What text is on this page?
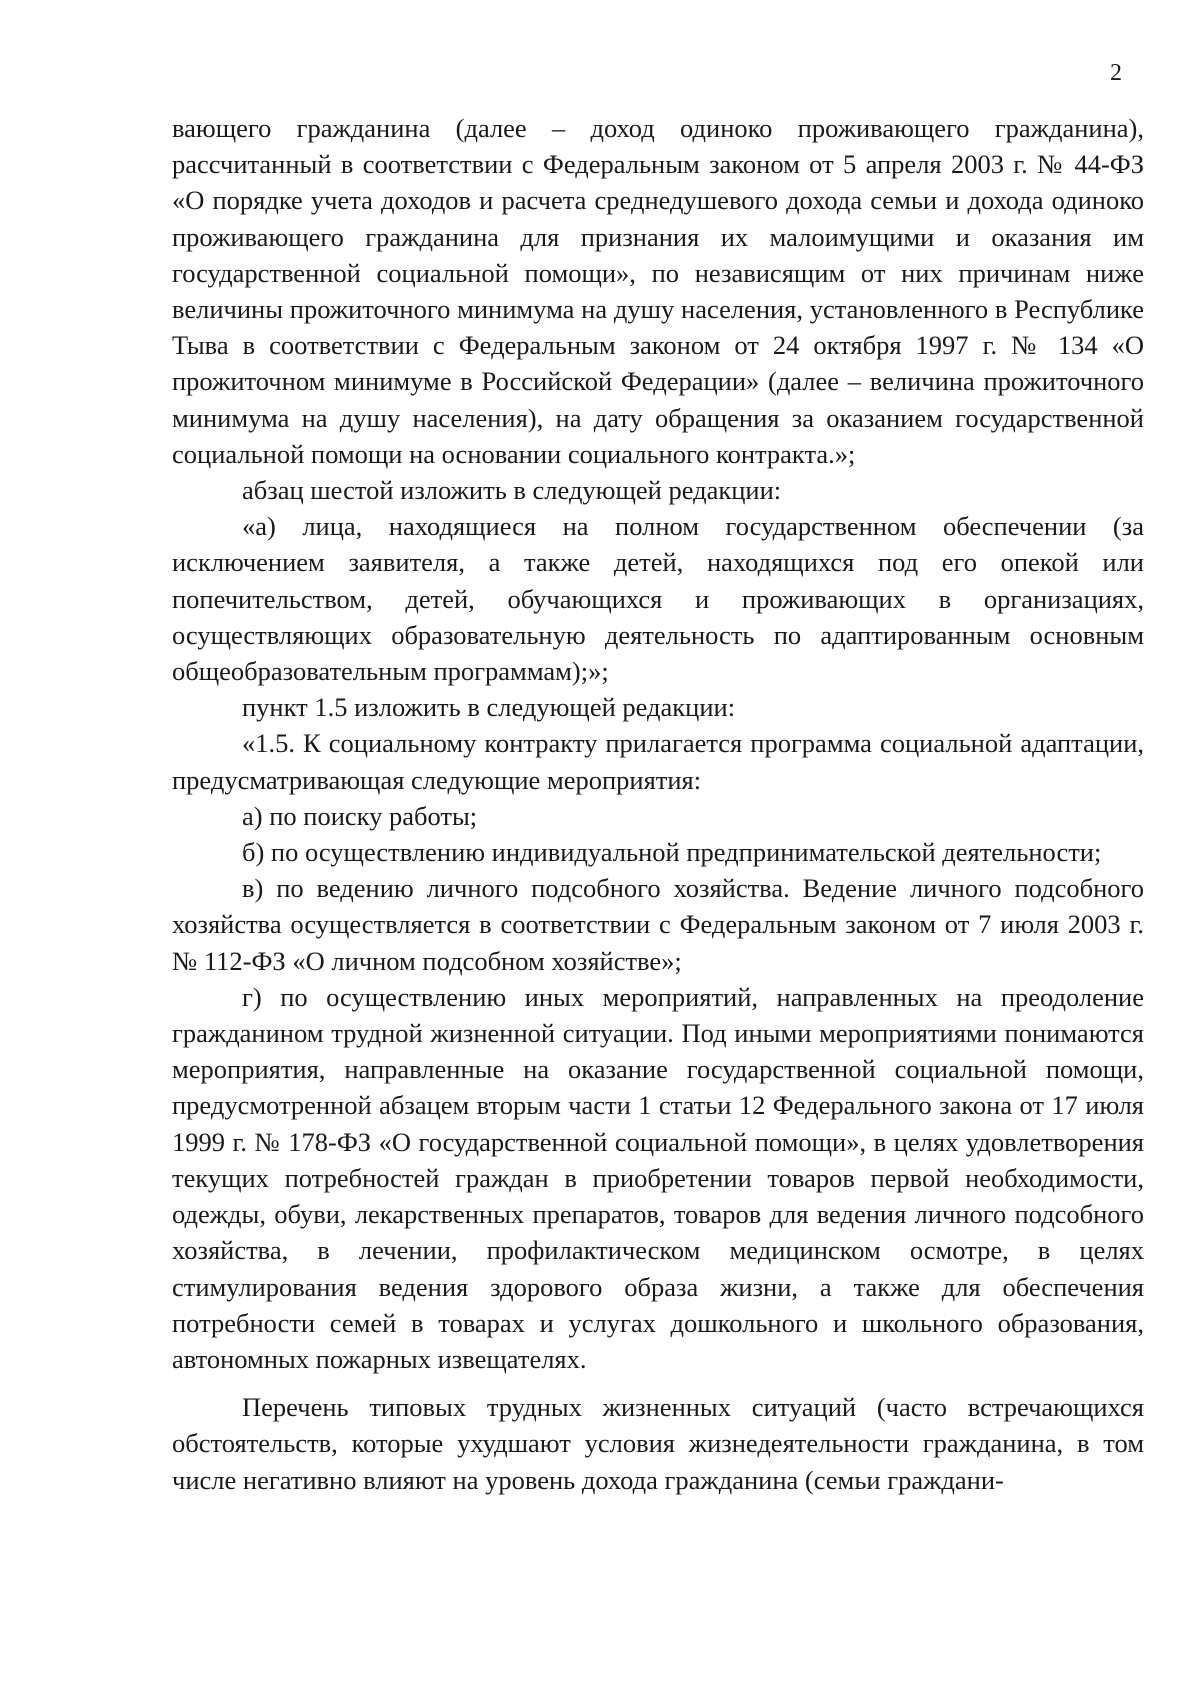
2

вающего гражданина (далее – доход одиноко проживающего гражданина), рассчитанный в соответствии с Федеральным законом от 5 апреля 2003 г. № 44-ФЗ «О порядке учета доходов и расчета среднедушевого дохода семьи и дохода одиноко проживающего гражданина для признания их малоимущими и оказания им государственной социальной помощи», по независящим от них причинам ниже величины прожиточного минимума на душу населения, установленного в Республике Тыва в соответствии с Федеральным законом от 24 октября 1997 г. № 134 «О прожиточном минимуме в Российской Федерации» (далее – величина прожиточного минимума на душу населения), на дату обращения за оказанием государственной социальной помощи на основании социального контракта.»;

абзац шестой изложить в следующей редакции:

«а) лица, находящиеся на полном государственном обеспечении (за исключением заявителя, а также детей, находящихся под его опекой или попечительством, детей, обучающихся и проживающих в организациях, осуществляющих образовательную деятельность по адаптированным основным общеобразовательным программам);»;

пункт 1.5 изложить в следующей редакции:

«1.5. К социальному контракту прилагается программа социальной адаптации, предусматривающая следующие мероприятия:

а) по поиску работы;

б) по осуществлению индивидуальной предпринимательской деятельности;

в) по ведению личного подсобного хозяйства. Ведение личного подсобного хозяйства осуществляется в соответствии с Федеральным законом от 7 июля 2003 г. № 112-ФЗ «О личном подсобном хозяйстве»;

г) по осуществлению иных мероприятий, направленных на преодоление гражданином трудной жизненной ситуации. Под иными мероприятиями понимаются мероприятия, направленные на оказание государственной социальной помощи, предусмотренной абзацем вторым части 1 статьи 12 Федерального закона от 17 июля 1999 г. № 178-ФЗ «О государственной социальной помощи», в целях удовлетворения текущих потребностей граждан в приобретении товаров первой необходимости, одежды, обуви, лекарственных препаратов, товаров для ведения личного подсобного хозяйства, в лечении, профилактическом медицинском осмотре, в целях стимулирования ведения здорового образа жизни, а также для обеспечения потребности семей в товарах и услугах дошкольного и школьного образования, автономных пожарных извещателях.

Перечень типовых трудных жизненных ситуаций (часто встречающихся обстоятельств, которые ухудшают условия жизнедеятельности гражданина, в том числе негативно влияют на уровень дохода гражданина (семьи граждани-
